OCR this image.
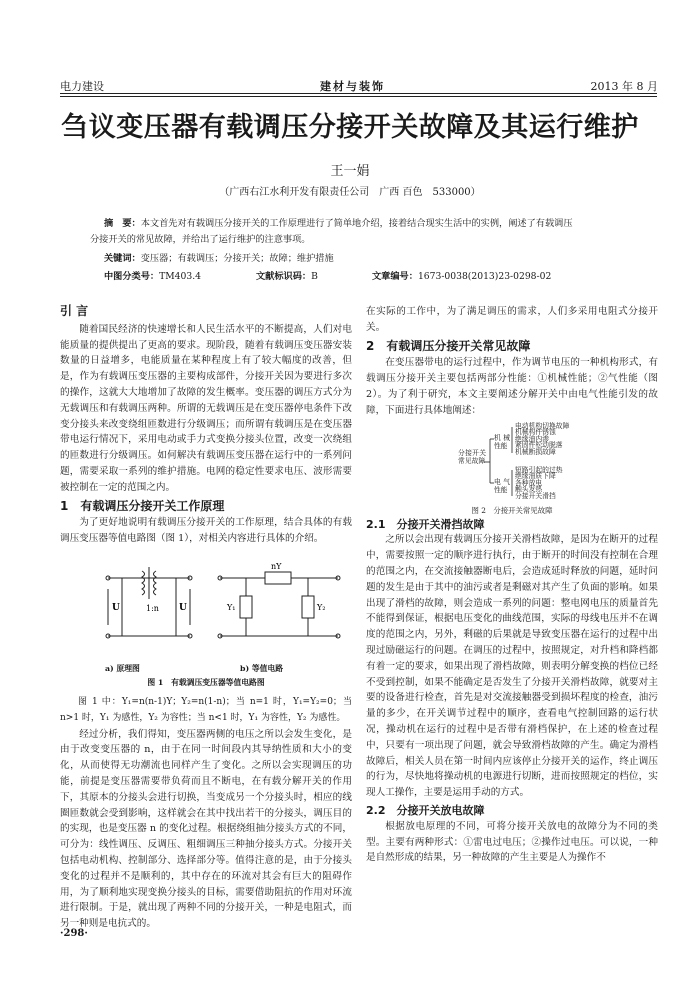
电力建设	建材与装饰	2013 年 8 月
刍议变压器有载调压分接开关故障及其运行维护
王一娟
（广西右江水利开发有限责任公司　广西 百色　533000）
摘　要：本文首先对有载调压分接开关的工作原理进行了简单地介绍，接着结合现实生活中的实例，阐述了有载调压
分接开关的常见故障，并给出了运行维护的注意事项。
关键词：变压器；有载调压；分接开关；故障；维护措施
中图分类号：TM403.4	文献标识码：B	文章编号：1673-0038(2013)23-0298-02
引 言

随着国民经济的快速增长和人民生活水平的不断提高，人们对电能质量的提供提出了更高的要求。现阶段，随着有载调压变压器安装数量的日益增多，电能质量在某种程度上有了较大幅度的改善，但是，作为有载调压变压器的主要构成部件，分接开关因为要进行多次的操作，这就大大地增加了故障的发生概率。变压器的调压方式分为无载调压和有载调压两种。所谓的无载调压是在变压器停电条件下改变分接头来改变绕组匝数进行分级调压；而所谓有载调压是在变压器带电运行情况下，采用电动或手力式变换分接头位置，改变一次绕组的匝数进行分级调压。如何解决有载调压变压器在运行中的一系列问题，需要采取一系列的维护措施。电网的稳定性要求电压、波形需要被控制在一定的范围之内。

1　有载调压分接开关工作原理

为了更好地说明有载调压分接开关的工作原理，结合具体的有载调压变压器等值电路图（图 1），对相关内容进行具体的介绍。

U	1:n U
nY
Y₁	Y₂
a) 原理图	b) 等值电路
图 1　有载调压变压器等值电路图

图 1 中：Y₁=n(n-1)Y；Y₂=n(1-n)；当 n=1 时，Y₁=Y₂=0；当 n>1 时，Y₁ 为感性，Y₂ 为容性；当 n<1 时，Y₁ 为容性，Y₂ 为感性。

经过分析，我们得知，变压器两侧的电压之所以会发生变化，是由于改变变压器的 n，由于在同一时间段内其导纳性质和大小的变化，从而使得无功潮流也同样产生了变化。之所以会实现调压的功能，前提是变压器需要带负荷而且不断电，在有载分解开关的作用下，其原本的分接头会进行切换，当变成另一个分接头时，相应的线圈匝数就会受到影响，这样就会在其中找出若干的分接头，调压目的的实现，也是变压器 n 的变化过程。根据绕组抽分接头方式的不同，可分为：线性调压、反调压、粗细调压三种抽分接头方式。分接开关包括电动机构、控制部分、选择部分等。值得注意的是，由于分接头变化的过程并不是顺利的，其中存在的环流对其会有巨大的阻碍作用，为了顺利地实现变换分接头的目标，需要借助阻抗的作用对环流进行限制。于是，就出现了两种不同的分接开关，一种是电阻式，而另一种则是电抗式的。

在实际的工作中，为了满足调压的需求，人们多采用电阻式分接开关。

2　有载调压分接开关常见故障

在变压器带电的运行过程中，作为调节电压的一种机构形式，有载调压分接开关主要包括两部分性能：①机械性能；②气性能（图 2）。为了利于研究，本文主要阐述分解开关中由电气性能引发的故障，下面进行具体地阐述：

分接开关常见故障
机械性能
电气性能
电动机构切换故障
机械构件锈蚀
绝缘油内渗
紧固件松动脱落
机械断损故障
短路引起的过热
绝缘油质下降
各种放电
触头发热
分接开关滑挡
图 2　分接开关常见故障
2.1　分接开关滑挡故障

之所以会出现有载调压分接开关滑档故障，是因为在断开的过程中，需要按照一定的顺序进行执行，由于断开的时间没有控制在合理的范围之内，在交流接触器断电后，会造成延时释放的问题，延时问题的发生是由于其中的油污或者是剩磁对其产生了负面的影响。如果出现了滑档的故障，则会造成一系列的问题：整电网电压的质量首先不能得到保证，根据电压变化的曲线范围，实际的母线电压并不在调度的范围之内，另外，剩磁的后果就是导致变压器在运行的过程中出现过励磁运行的问题。在调压的过程中，按照规定，对升档和降档都有着一定的要求，如果出现了滑档故障，则表明分解变换的档位已经不受到控制，如果不能确定是否发生了分接开关滑档故障，就要对主要的设备进行检查，首先是对交流接触器受到损坏程度的检查，油污量的多少，在开关调节过程中的顺序，查看电气控制回路的运行状况，操动机在运行的过程中是否带有滑档保护，在上述的检查过程中，只要有一项出现了问题，就会导致滑档故障的产生。确定为滑档故障后，相关人员在第一时间内应该停止分接开关的运作，终止调压的行为，尽快地将操动机的电源进行切断，进而按照规定的档位，实现人工操作，主要是运用手动的方式。

2.2　分接开关放电故障

根据放电原理的不同，可将分接开关放电的故障分为不同的类型。主要有两种形式：①雷电过电压；②操作过电压。可以说，一种是自然形成的结果，另一种故障的产生主要是人为操作不

·298·
